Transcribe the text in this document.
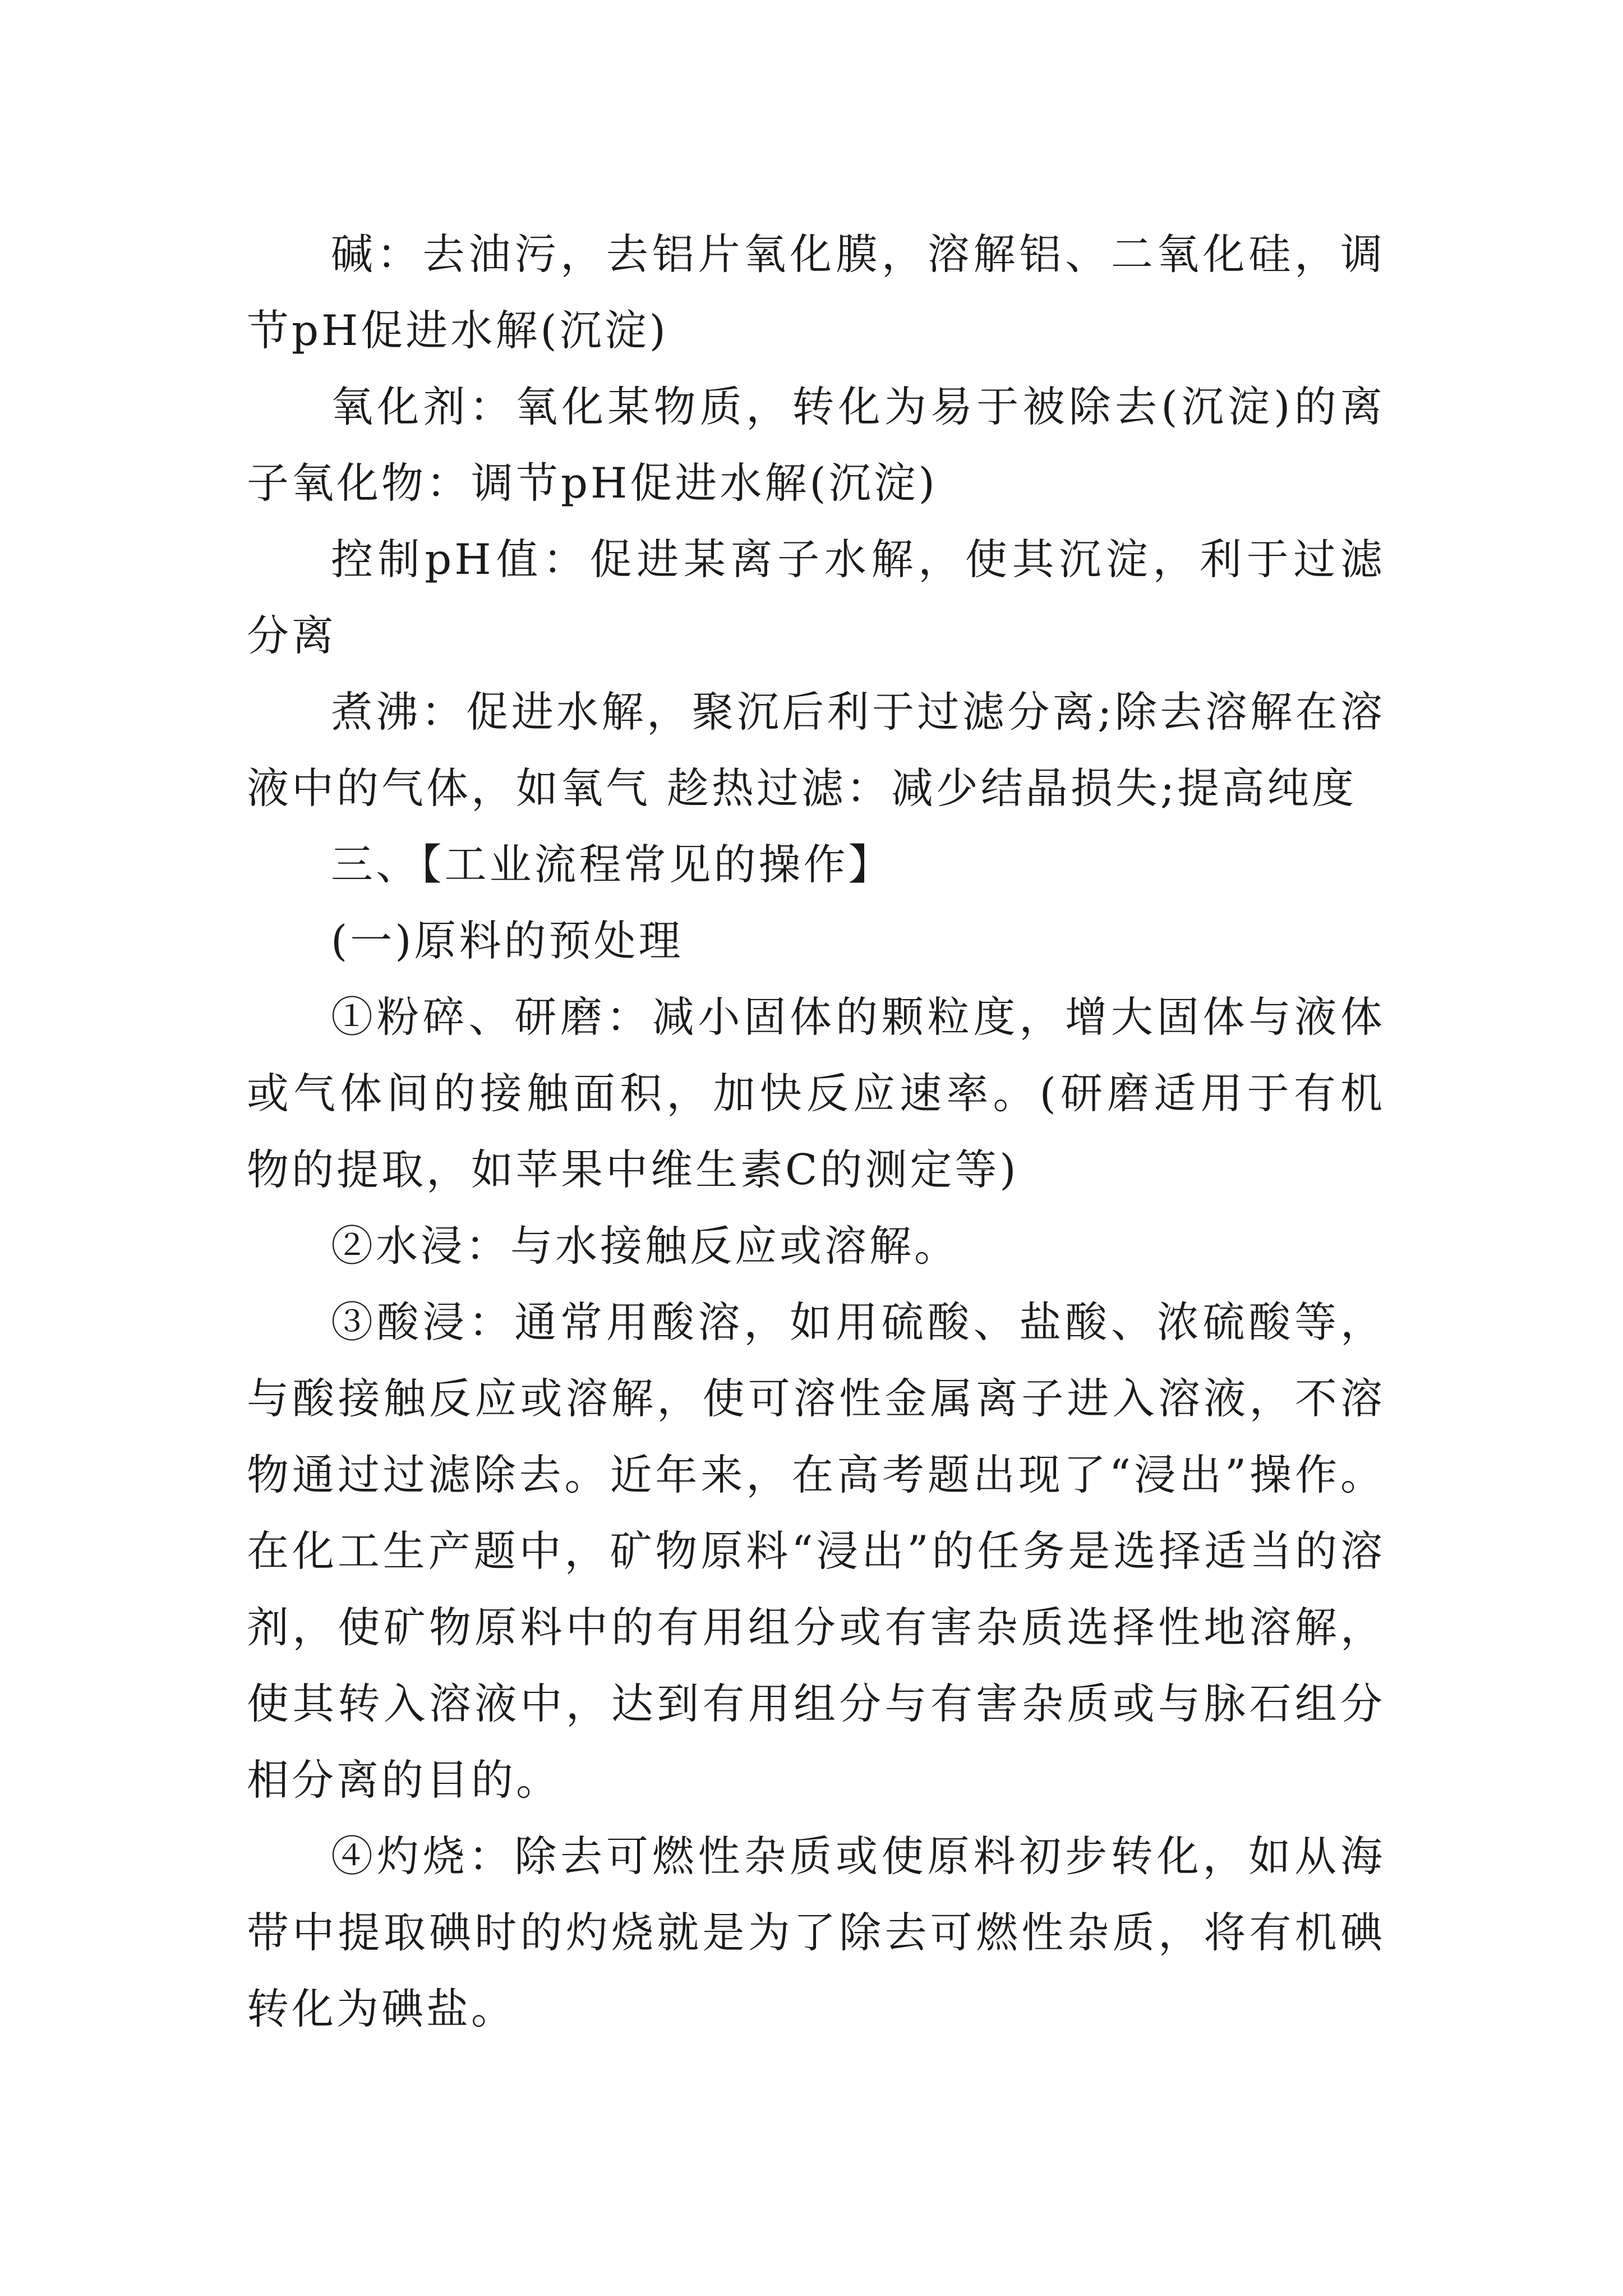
碱：去油污，去铝片氧化膜，溶解铝、二氧化硅，调节pH促进水解(沉淀)

氧化剂：氧化某物质，转化为易于被除去(沉淀)的离子氧化物：调节pH促进水解(沉淀)

控制pH值：促进某离子水解，使其沉淀，利于过滤分离

煮沸：促进水解，聚沉后利于过滤分离;除去溶解在溶液中的气体，如氧气 趁热过滤：减少结晶损失;提高纯度

三、【工业流程常见的操作】

(一)原料的预处理

①粉碎、研磨：减小固体的颗粒度，增大固体与液体或气体间的接触面积，加快反应速率。(研磨适用于有机物的提取，如苹果中维生素C的测定等)

②水浸：与水接触反应或溶解。

③酸浸：通常用酸溶，如用硫酸、盐酸、浓硫酸等，与酸接触反应或溶解，使可溶性金属离子进入溶液，不溶物通过过滤除去。近年来，在高考题出现了“浸出”操作。在化工生产题中，矿物原料“浸出”的任务是选择适当的溶剂，使矿物原料中的有用组分或有害杂质选择性地溶解，使其转入溶液中，达到有用组分与有害杂质或与脉石组分相分离的目的。

④灼烧：除去可燃性杂质或使原料初步转化，如从海带中提取碘时的灼烧就是为了除去可燃性杂质，将有机碘转化为碘盐。
